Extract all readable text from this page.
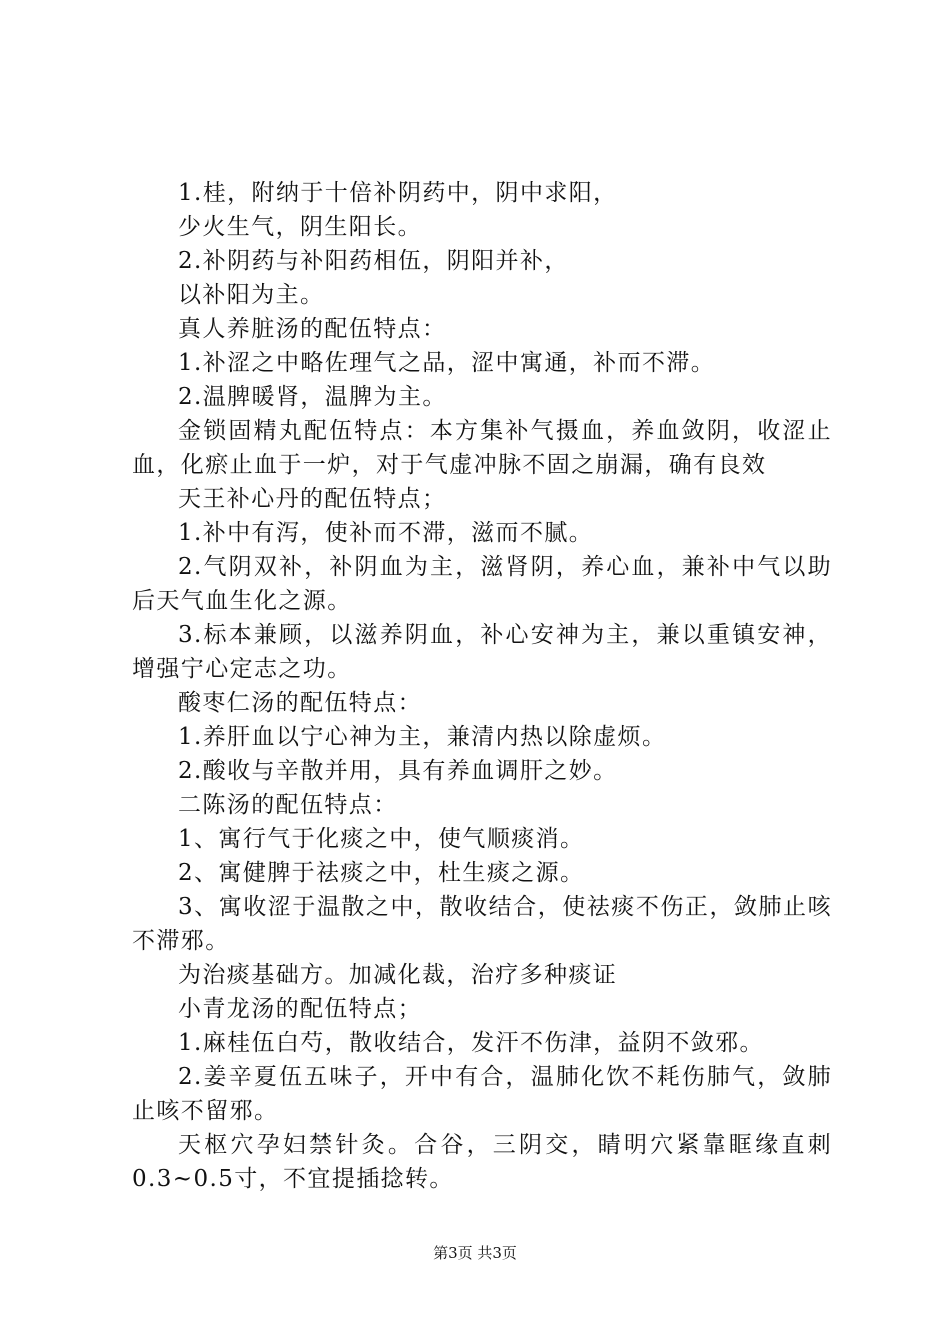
1.桂，附纳于十倍补阴药中，阴中求阳，

少火生气，阴生阳长。

2.补阴药与补阳药相伍，阴阳并补，

以补阳为主。

真人养脏汤的配伍特点：

1.补涩之中略佐理气之品，涩中寓通，补而不滞。

2.温脾暖肾，温脾为主。

金锁固精丸配伍特点：本方集补气摄血，养血敛阴，收涩止血，化瘀止血于一炉，对于气虚冲脉不固之崩漏，确有良效

天王补心丹的配伍特点；

1.补中有泻，使补而不滞，滋而不腻。

2.气阴双补，补阴血为主，滋肾阴，养心血，兼补中气以助后天气血生化之源。

3.标本兼顾，以滋养阴血，补心安神为主，兼以重镇安神，增强宁心定志之功。

酸枣仁汤的配伍特点：

1.养肝血以宁心神为主，兼清内热以除虚烦。

2.酸收与辛散并用，具有养血调肝之妙。

二陈汤的配伍特点：

1、寓行气于化痰之中，使气顺痰消。

2、寓健脾于祛痰之中，杜生痰之源。

3、寓收涩于温散之中，散收结合，使祛痰不伤正，敛肺止咳不滞邪。

为治痰基础方。加减化裁，治疗多种痰证

小青龙汤的配伍特点；

1.麻桂伍白芍，散收结合，发汗不伤津，益阴不敛邪。

2.姜辛夏伍五味子，开中有合，温肺化饮不耗伤肺气，敛肺止咳不留邪。

天枢穴孕妇禁针灸。合谷，三阴交，睛明穴紧靠眶缘直刺0.3~0.5寸，不宜提插捻转。

第3页 共3页
